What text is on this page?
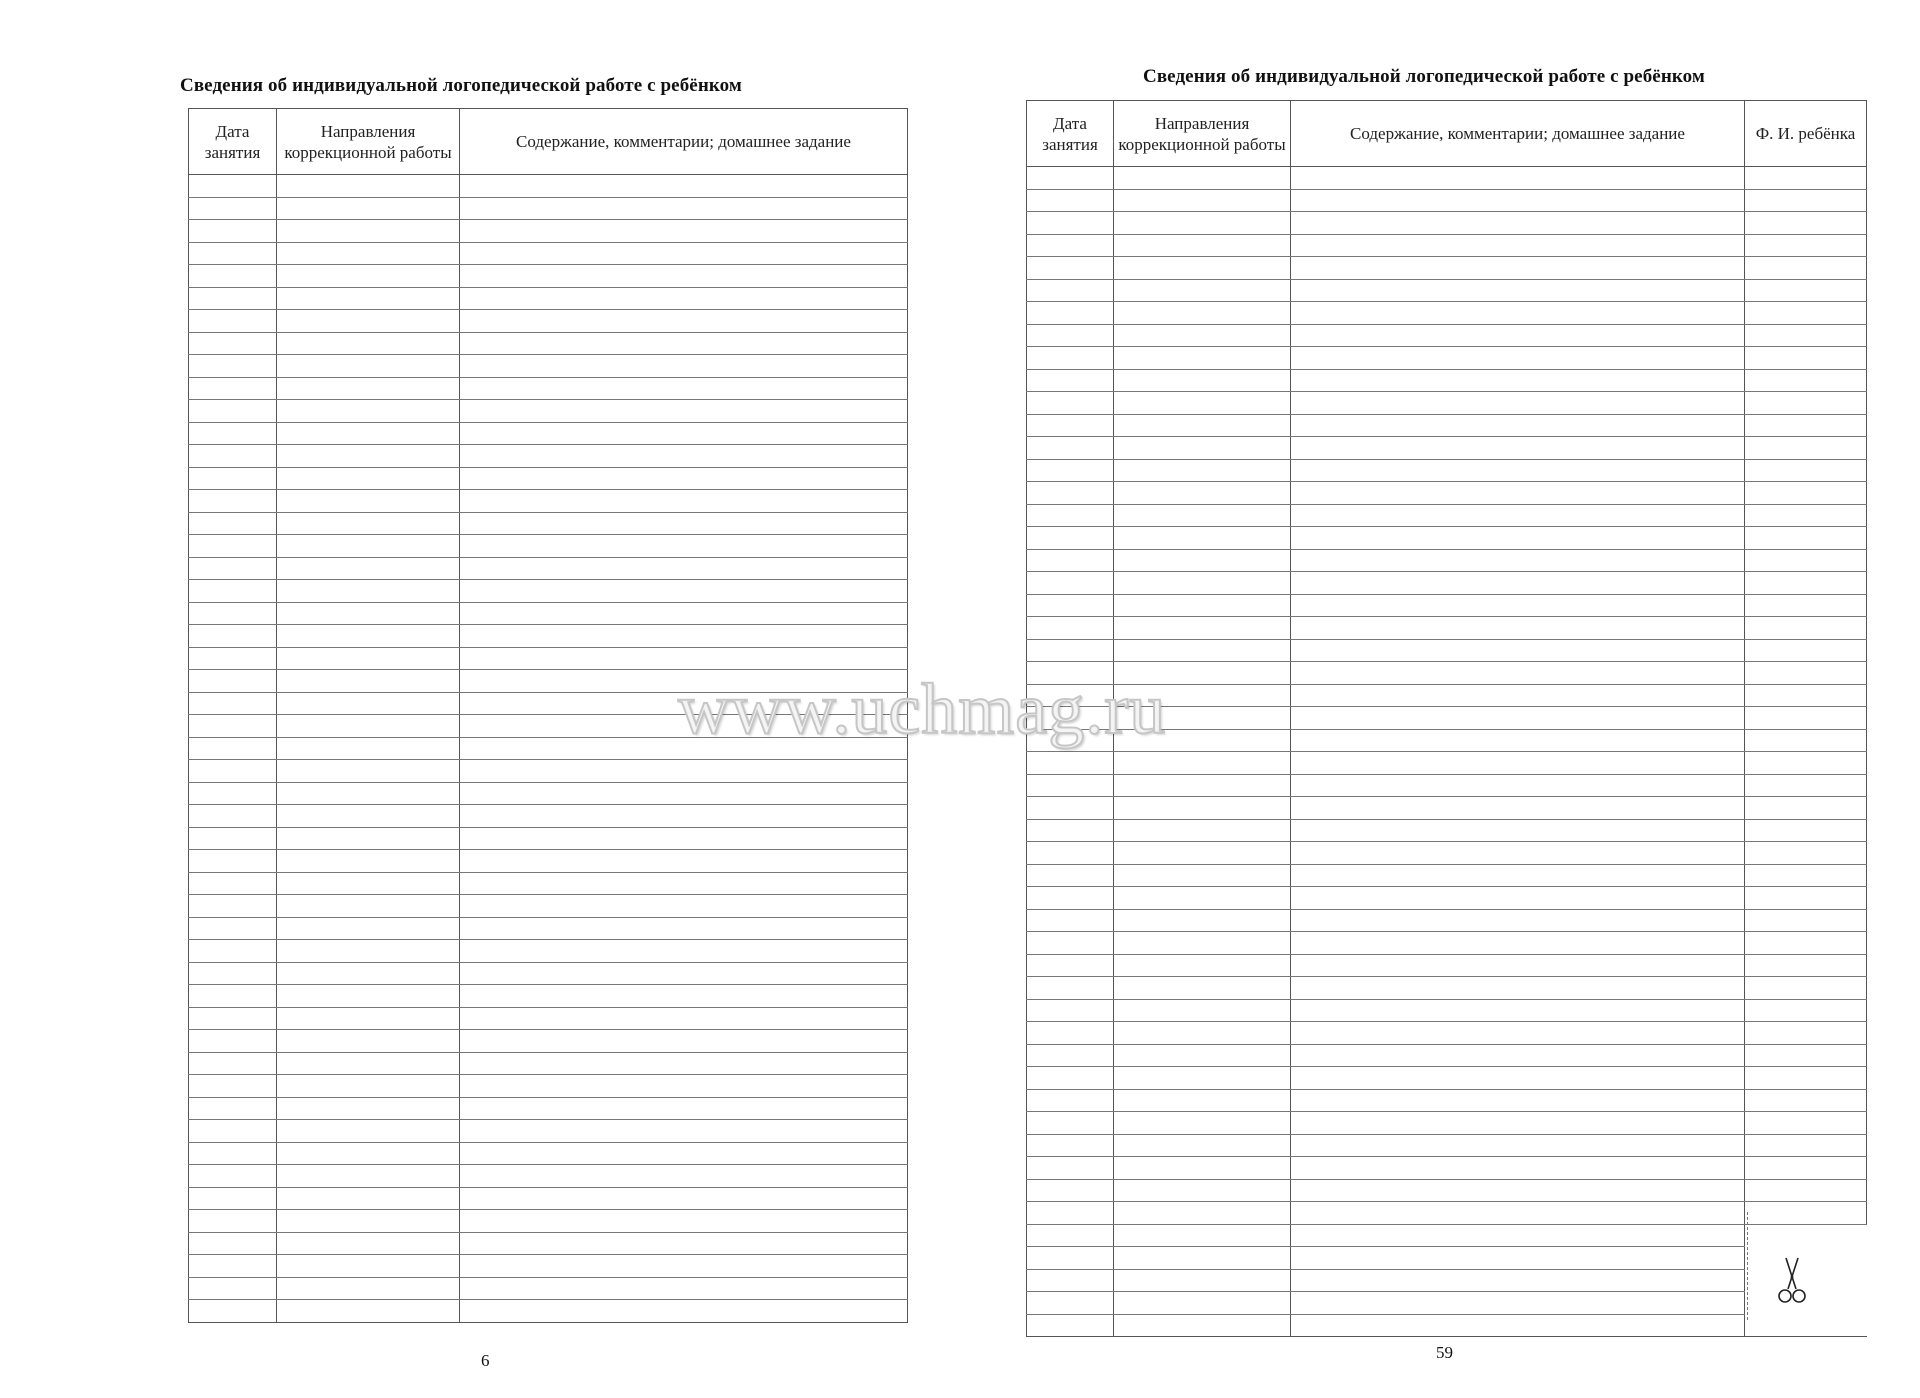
Сведения об индивидуальной логопедической работе с ребёнком
Дата занятия	Направления коррекционной работы	Содержание, комментарии; домашнее задание

6
Сведения об индивидуальной логопедической работе с ребёнком
Дата занятия	Направления коррекционной работы	Содержание, комментарии; домашнее задание	Ф. И. ребёнка

59
www.uchmag.ru
